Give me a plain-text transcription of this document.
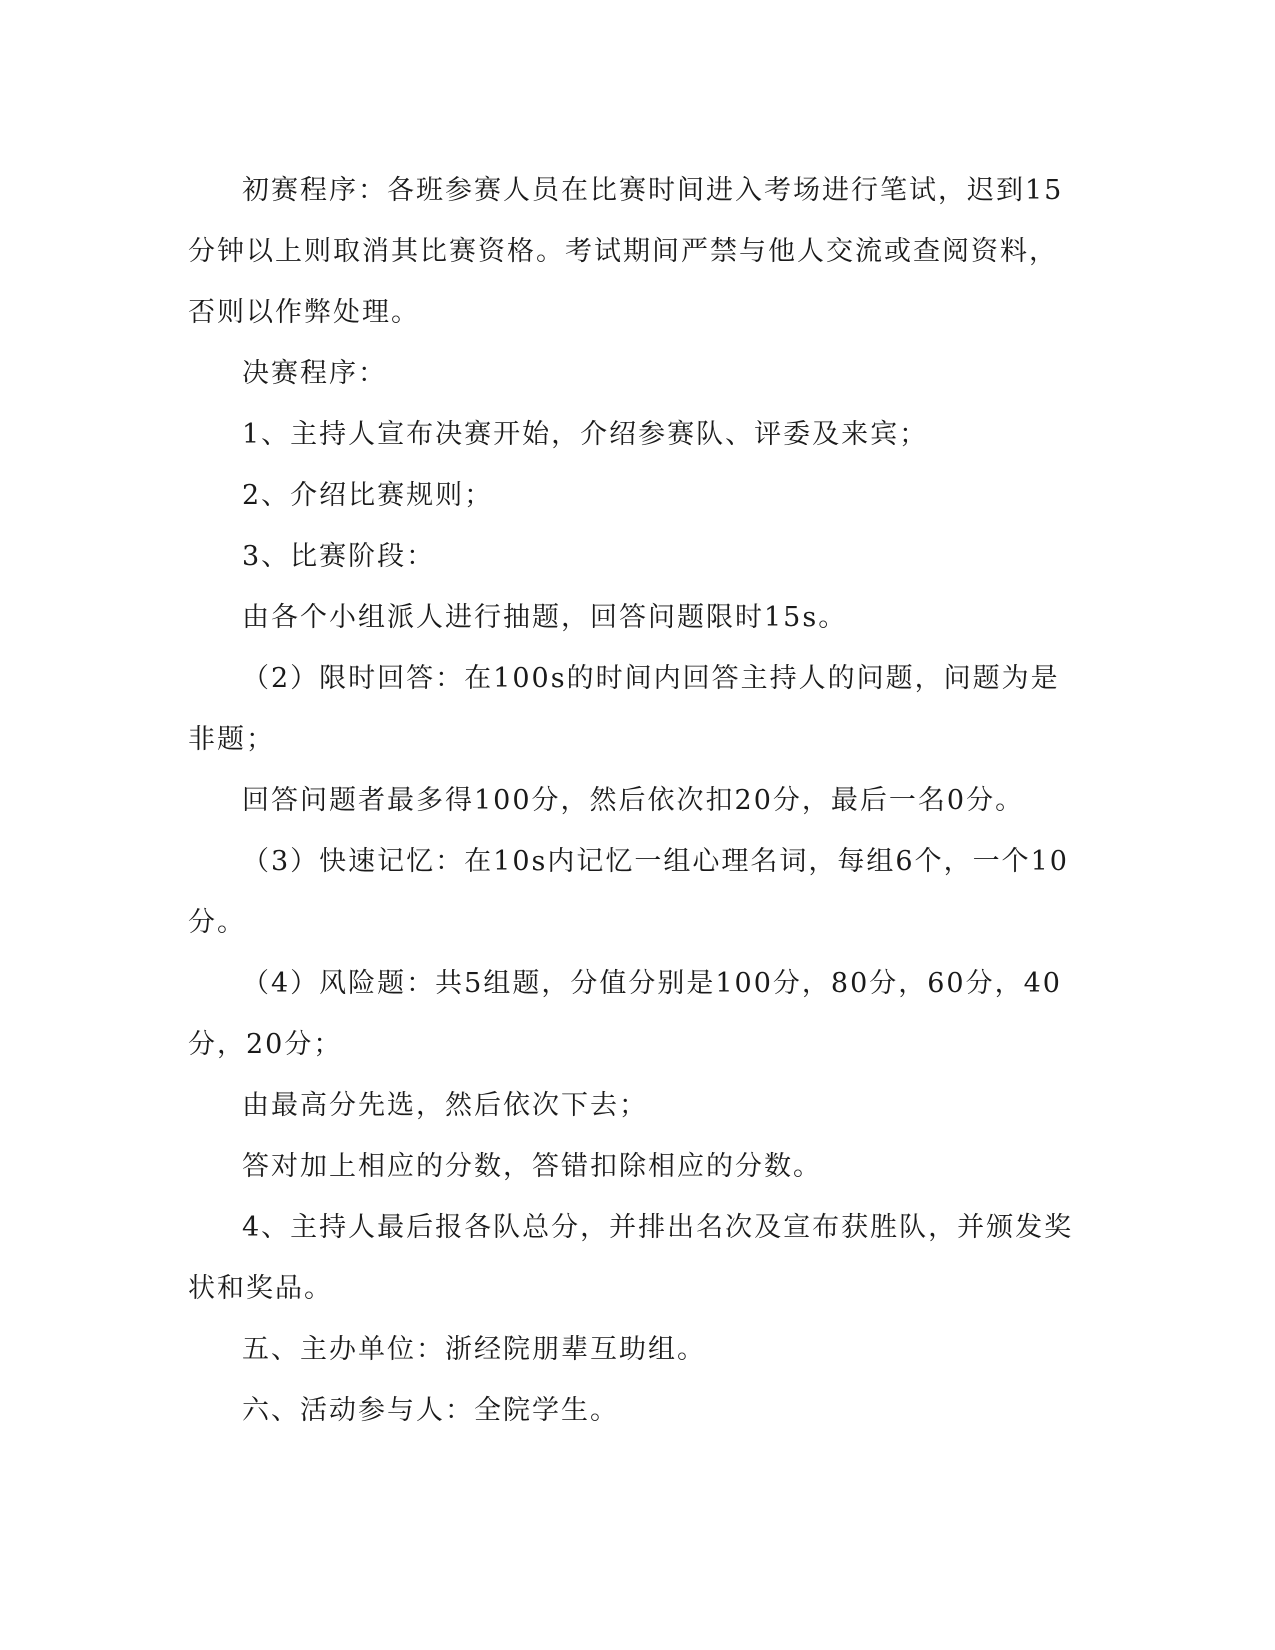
初赛程序：各班参赛人员在比赛时间进入考场进行笔试，迟到15分钟以上则取消其比赛资格。考试期间严禁与他人交流或查阅资料，否则以作弊处理。

决赛程序：

1、主持人宣布决赛开始，介绍参赛队、评委及来宾；

2、介绍比赛规则；

3、比赛阶段：

由各个小组派人进行抽题，回答问题限时15s。

（2）限时回答：在100s的时间内回答主持人的问题，问题为是非题；

回答问题者最多得100分，然后依次扣20分，最后一名0分。

（3）快速记忆：在10s内记忆一组心理名词，每组6个，一个10分。

（4）风险题：共5组题，分值分别是100分，80分，60分，40分，20分；

由最高分先选，然后依次下去；

答对加上相应的分数，答错扣除相应的分数。

4、主持人最后报各队总分，并排出名次及宣布获胜队，并颁发奖状和奖品。

五、主办单位：浙经院朋辈互助组。

六、活动参与人：全院学生。
